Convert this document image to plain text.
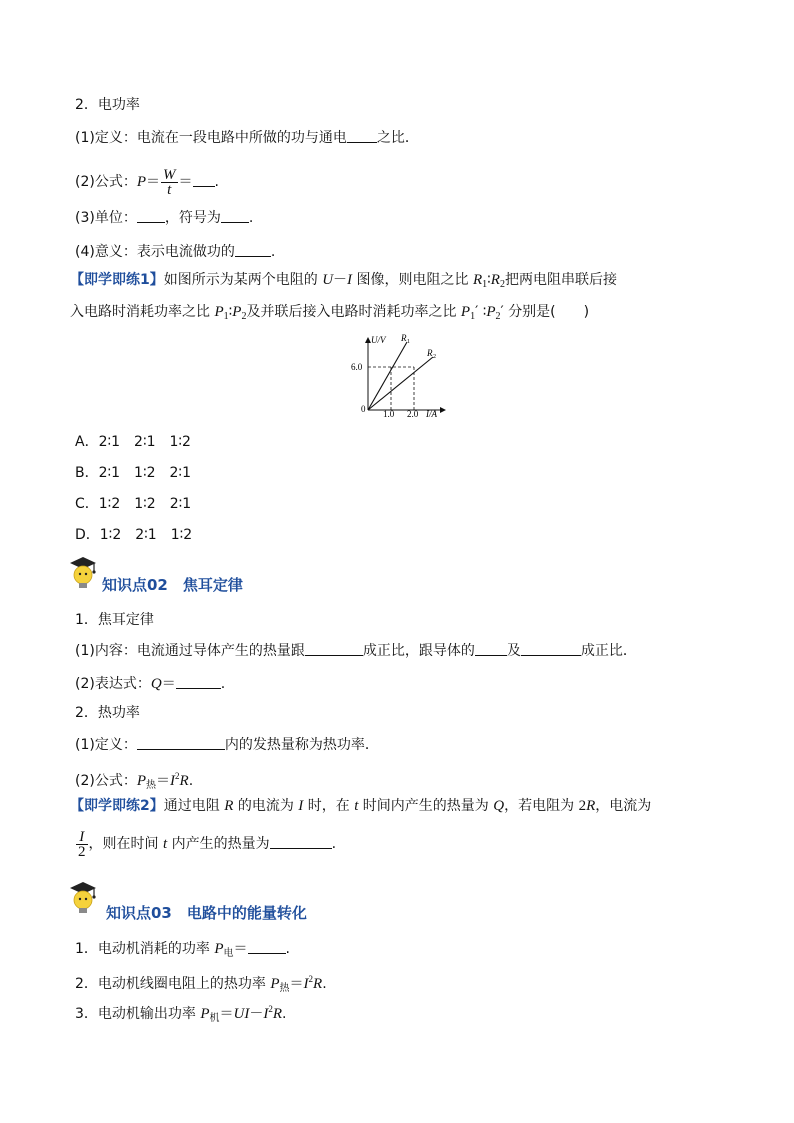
2．电功率
(1)定义：电流在一段电路中所做的功与通电 之比．
(2)公式：$P= \frac{W}{t}$ ＝ .
(3)单位： ，符号为 .
(4)意义：表示电流做功的	.
【即学即练1】如图所示为某两个电阻的 U－I 图像，则电阻之比 $R_1∶R_2$把两电阻串联后接
入电路时消耗功率之比 $P_1∶P_2$及并联后接入电路时消耗功率之比 $P_1'$ $∶P_2'$ 分别是(　　)
U/V
I/A
0
6.0
1.0 2.0
R 1
R 2
A．2∶1　2∶1　1∶2
B．2∶1　1∶2　2∶1
C．1∶2　1∶2　2∶1
D．1∶2　2∶1　1∶2
知识点02　焦耳定律
1．焦耳定律
(1)内容：电流通过导体产生的热量跟	成正比，跟导体的 及	成正比．
(2)表达式：Q＝	.
2．热功率
(1)定义：	内的发热量称为热功率．
(2)公式：$P_热=I^2R$.
【即学即练2】通过电阻 R 的电流为 I 时，在 t 时间内产生的热量为 Q，若电阻为 2R，电流为
$\frac{I}{2}$ ，则在时间 t 内产生的热量为	.
知识点03　电路中的能量转化
1．电动机消耗的功率 $P_电=$	.
2．电动机线圈电阻上的热功率 $P_热=I^2R$.
3．电动机输出功率 $P_机=UI-I^2R$.
